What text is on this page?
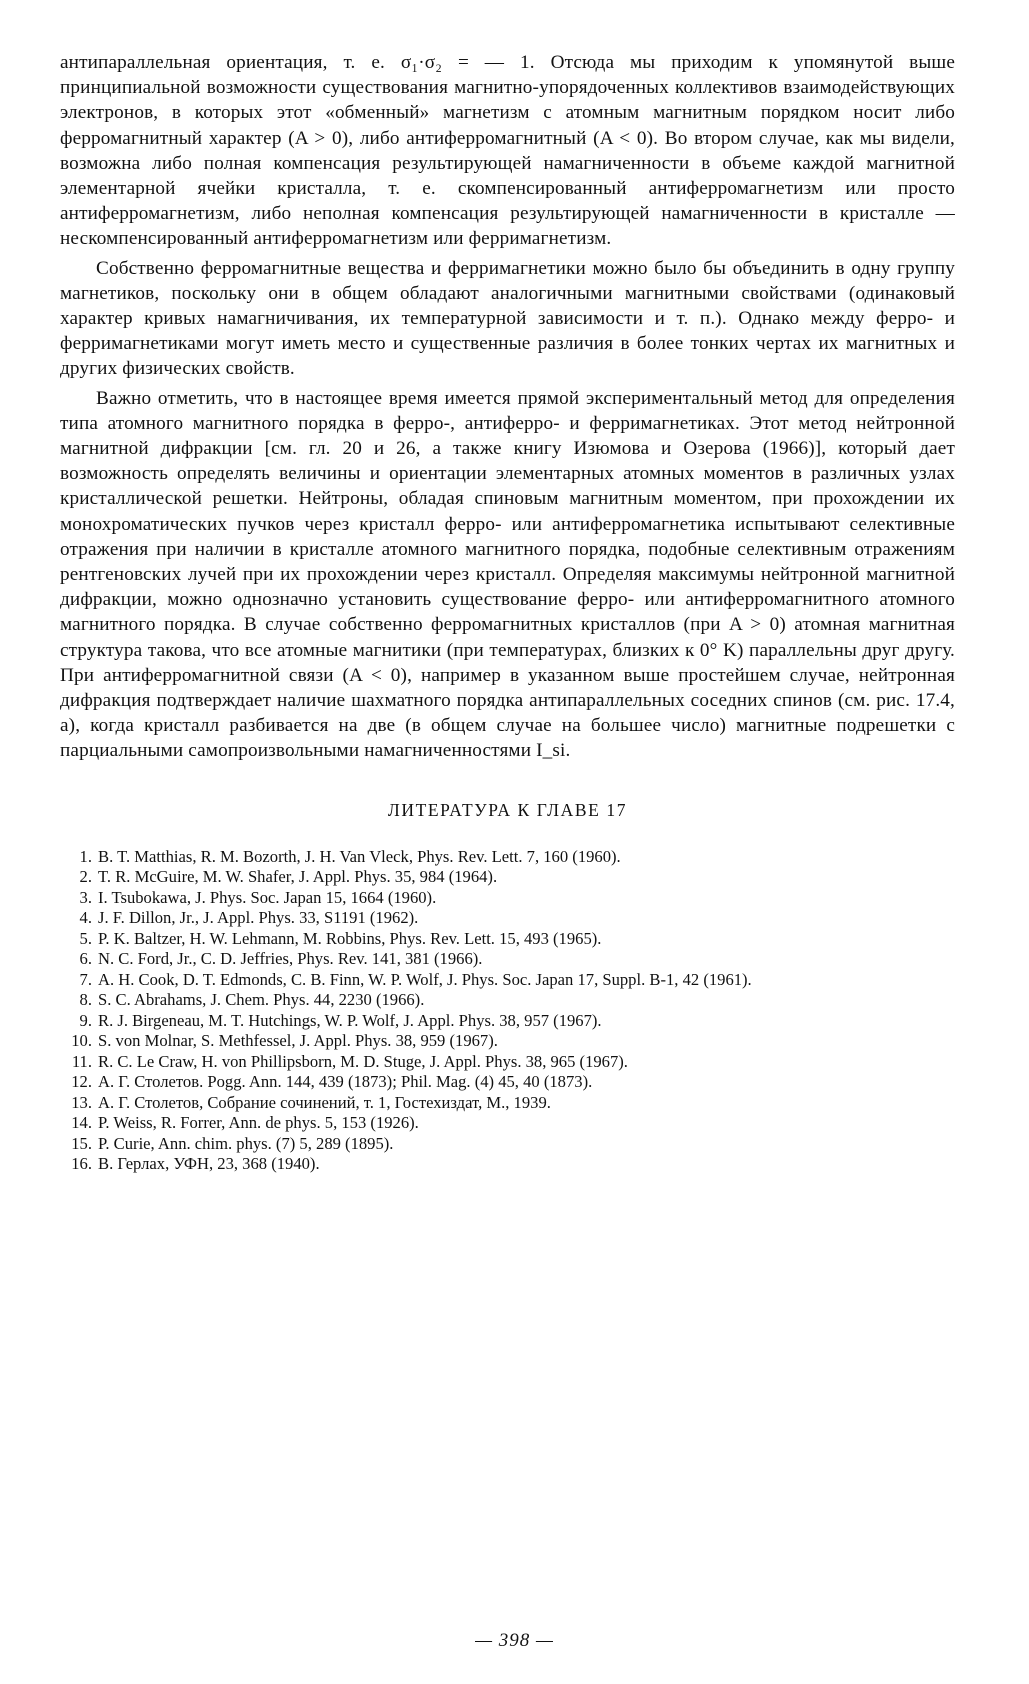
антипараллельная ориентация, т. е. σ₁·σ₂ = — 1. Отсюда мы приходим к упомянутой выше принципиальной возможности существования магнитно-упорядоченных коллективов взаимодействующих электронов, в которых этот «обменный» магнетизм с атомным магнитным порядком носит либо ферромагнитный характер (A > 0), либо антиферромагнитный (A < 0). Во втором случае, как мы видели, возможна либо полная компенсация результирующей намагниченности в объеме каждой магнитной элементарной ячейки кристалла, т. е. скомпенсированный антиферромагнетизм или просто антиферромагнетизм, либо неполная компенсация результирующей намагниченности в кристалле — нескомпенсированный антиферромагнетизм или ферримагнетизм.

Собственно ферромагнитные вещества и ферримагнетики можно было бы объединить в одну группу магнетиков, поскольку они в общем обладают аналогичными магнитными свойствами (одинаковый характер кривых намагничивания, их температурной зависимости и т. п.). Однако между ферро- и ферримагнетиками могут иметь место и существенные различия в более тонких чертах их магнитных и других физических свойств.

Важно отметить, что в настоящее время имеется прямой экспериментальный метод для определения типа атомного магнитного порядка в ферро-, антиферро- и ферримагнетиках. Этот метод нейтронной магнитной дифракции [см. гл. 20 и 26, а также книгу Изюмова и Озерова (1966)], который дает возможность определять величины и ориентации элементарных атомных моментов в различных узлах кристаллической решетки. Нейтроны, обладая спиновым магнитным моментом, при прохождении их монохроматических пучков через кристалл ферро- или антиферромагнетика испытывают селективные отражения при наличии в кристалле атомного магнитного порядка, подобные селективным отражениям рентгеновских лучей при их прохождении через кристалл. Определяя максимумы нейтронной магнитной дифракции, можно однозначно установить существование ферро- или антиферромагнитного атомного магнитного порядка. В случае собственно ферромагнитных кристаллов (при A > 0) атомная магнитная структура такова, что все атомные магнитики (при температурах, близких к 0° K) параллельны друг другу. При антиферромагнитной связи (A < 0), например в указанном выше простейшем случае, нейтронная дифракция подтверждает наличие шахматного порядка антипараллельных соседних спинов (см. рис. 17.4, a), когда кристалл разбивается на две (в общем случае на большее число) магнитные подрешетки с парциальными самопроизвольными намагниченностями I_si.

ЛИТЕРАТУРА К ГЛАВЕ 17
1. B. T. Matthias, R. M. Bozorth, J. H. Van Vleck, Phys. Rev. Lett. 7, 160 (1960).
2. T. R. McGuire, M. W. Shafer, J. Appl. Phys. 35, 984 (1964).
3. I. Tsubokawa, J. Phys. Soc. Japan 15, 1664 (1960).
4. J. F. Dillon, Jr., J. Appl. Phys. 33, S1191 (1962).
5. P. K. Baltzer, H. W. Lehmann, M. Robbins, Phys. Rev. Lett. 15, 493 (1965).
6. N. C. Ford, Jr., C. D. Jeffries, Phys. Rev. 141, 381 (1966).
7. A. H. Cook, D. T. Edmonds, C. B. Finn, W. P. Wolf, J. Phys. Soc. Japan 17, Suppl. B-1, 42 (1961).
8. S. C. Abrahams, J. Chem. Phys. 44, 2230 (1966).
9. R. J. Birgeneau, M. T. Hutchings, W. P. Wolf, J. Appl. Phys. 38, 957 (1967).
10. S. von Molnar, S. Methfessel, J. Appl. Phys. 38, 959 (1967).
11. R. C. Le Craw, H. von Phillipsborn, M. D. Stuge, J. Appl. Phys. 38, 965 (1967).
12. А. Г. Столетов. Pogg. Ann. 144, 439 (1873); Phil. Mag. (4) 45, 40 (1873).
13. А. Г. Столетов, Собрание сочинений, т. 1, Гостехиздат, М., 1939.
14. P. Weiss, R. Forrer, Ann. de phys. 5, 153 (1926).
15. P. Curie, Ann. chim. phys. (7) 5, 289 (1895).
16. В. Герлах, УФН, 23, 368 (1940).
— 398 —
